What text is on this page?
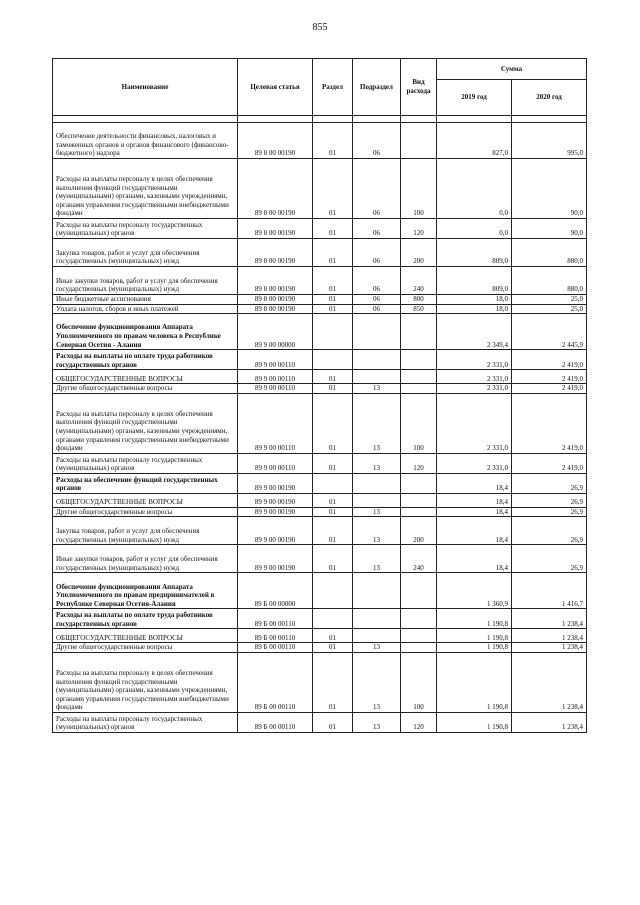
855
Наименование	Целевая статья	Раздел	Подраздел	Вид расхода	Сумма	
					2019 год	2020 год

Обеспечение деятельности финансовых, налоговых и таможенных органов и органов финансового (финансово-бюджетного) надзора	89 8 00 00190	01	06		827,0	995,0
Расходы на выплаты персоналу в целях обеспечения выполнения функций государственными (муниципальными) органами, казенными учреждениями, органами управления государственными внебюджетными фондами	89 8 00 00190	01	06	100	0,0	90,0
Расходы на выплаты персоналу государственных (муниципальных) органов	89 8 00 00190	01	06	120	0,0	90,0
Закупка товаров, работ и услуг для обеспечения государственных (муниципальных) нужд	89 8 00 00190	01	06	200	809,0	880,0
Иные закупки товаров, работ и услуг для обеспечения государственных (муниципальных) нужд	89 8 00 00190	01	06	240	809,0	880,0
Иные бюджетные ассигнования	89 8 00 00190	01	06	800	18,0	25,0
Уплата налогов, сборов и иных платежей	89 8 00 00190	01	06	850	18,0	25,0
Обеспечение функционирования Аппарата Уполномоченного по правам человека в Республике Северная Осетия - Алания	89 9 00 00000				2 349,4	2 445,9
Расходы на выплаты по оплате труда работников государственных органов	89 9 00 00110				2 331,0	2 419,0
ОБЩЕГОСУДАРСТВЕННЫЕ ВОПРОСЫ	89 9 00 00110	01			2 331,0	2 419,0
Другие общегосударственные вопросы	89 9 00 00110	01	13		2 331,0	2 419,0
Расходы на выплаты персоналу в целях обеспечения выполнения функций государственными (муниципальными) органами, казенными учреждениями, органами управления государственными внебюджетными фондами	89 9 00 00110	01	13	100	2 331,0	2 419,0
Расходы на выплаты персоналу государственных (муниципальных) органов	89 9 00 00110	01	13	120	2 331,0	2 419,0
Расходы на обеспечение функций государственных органов	89 9 00 00190				18,4	26,9
ОБЩЕГОСУДАРСТВЕННЫЕ ВОПРОСЫ	89 9 00 00190	01			18,4	26,9
Другие общегосударственные вопросы	89 9 00 00190	01	13		18,4	26,9
Закупка товаров, работ и услуг для обеспечения государственных (муниципальных) нужд	89 9 00 00190	01	13	200	18,4	26,9
Иные закупки товаров, работ и услуг для обеспечения государственных (муниципальных) нужд	89 9 00 00190	01	13	240	18,4	26,9
Обеспечение функционирования Аппарата Уполномоченного по правам предпринимателей в Республике Северная Осетия-Алания	89 Б 00 00000				1 360,9	1 416,7
Расходы на выплаты по оплате труда работников государственных органов	89 Б 00 00110				1 190,8	1 238,4
ОБЩЕГОСУДАРСТВЕННЫЕ ВОПРОСЫ	89 Б 00 00110	01			1 190,8	1 238,4
Другие общегосударственные вопросы	89 Б 00 00110	01	13		1 190,8	1 238,4
Расходы на выплаты персоналу в целях обеспечения выполнения функций государственными (муниципальными) органами, казенными учреждениями, органами управления государственными внебюджетными фондами	89 Б 00 00110	01	13	100	1 190,8	1 238,4
Расходы на выплаты персоналу государственных (муниципальных) органов	89 Б 00 00110	01	13	120	1 190,8	1 238,4
